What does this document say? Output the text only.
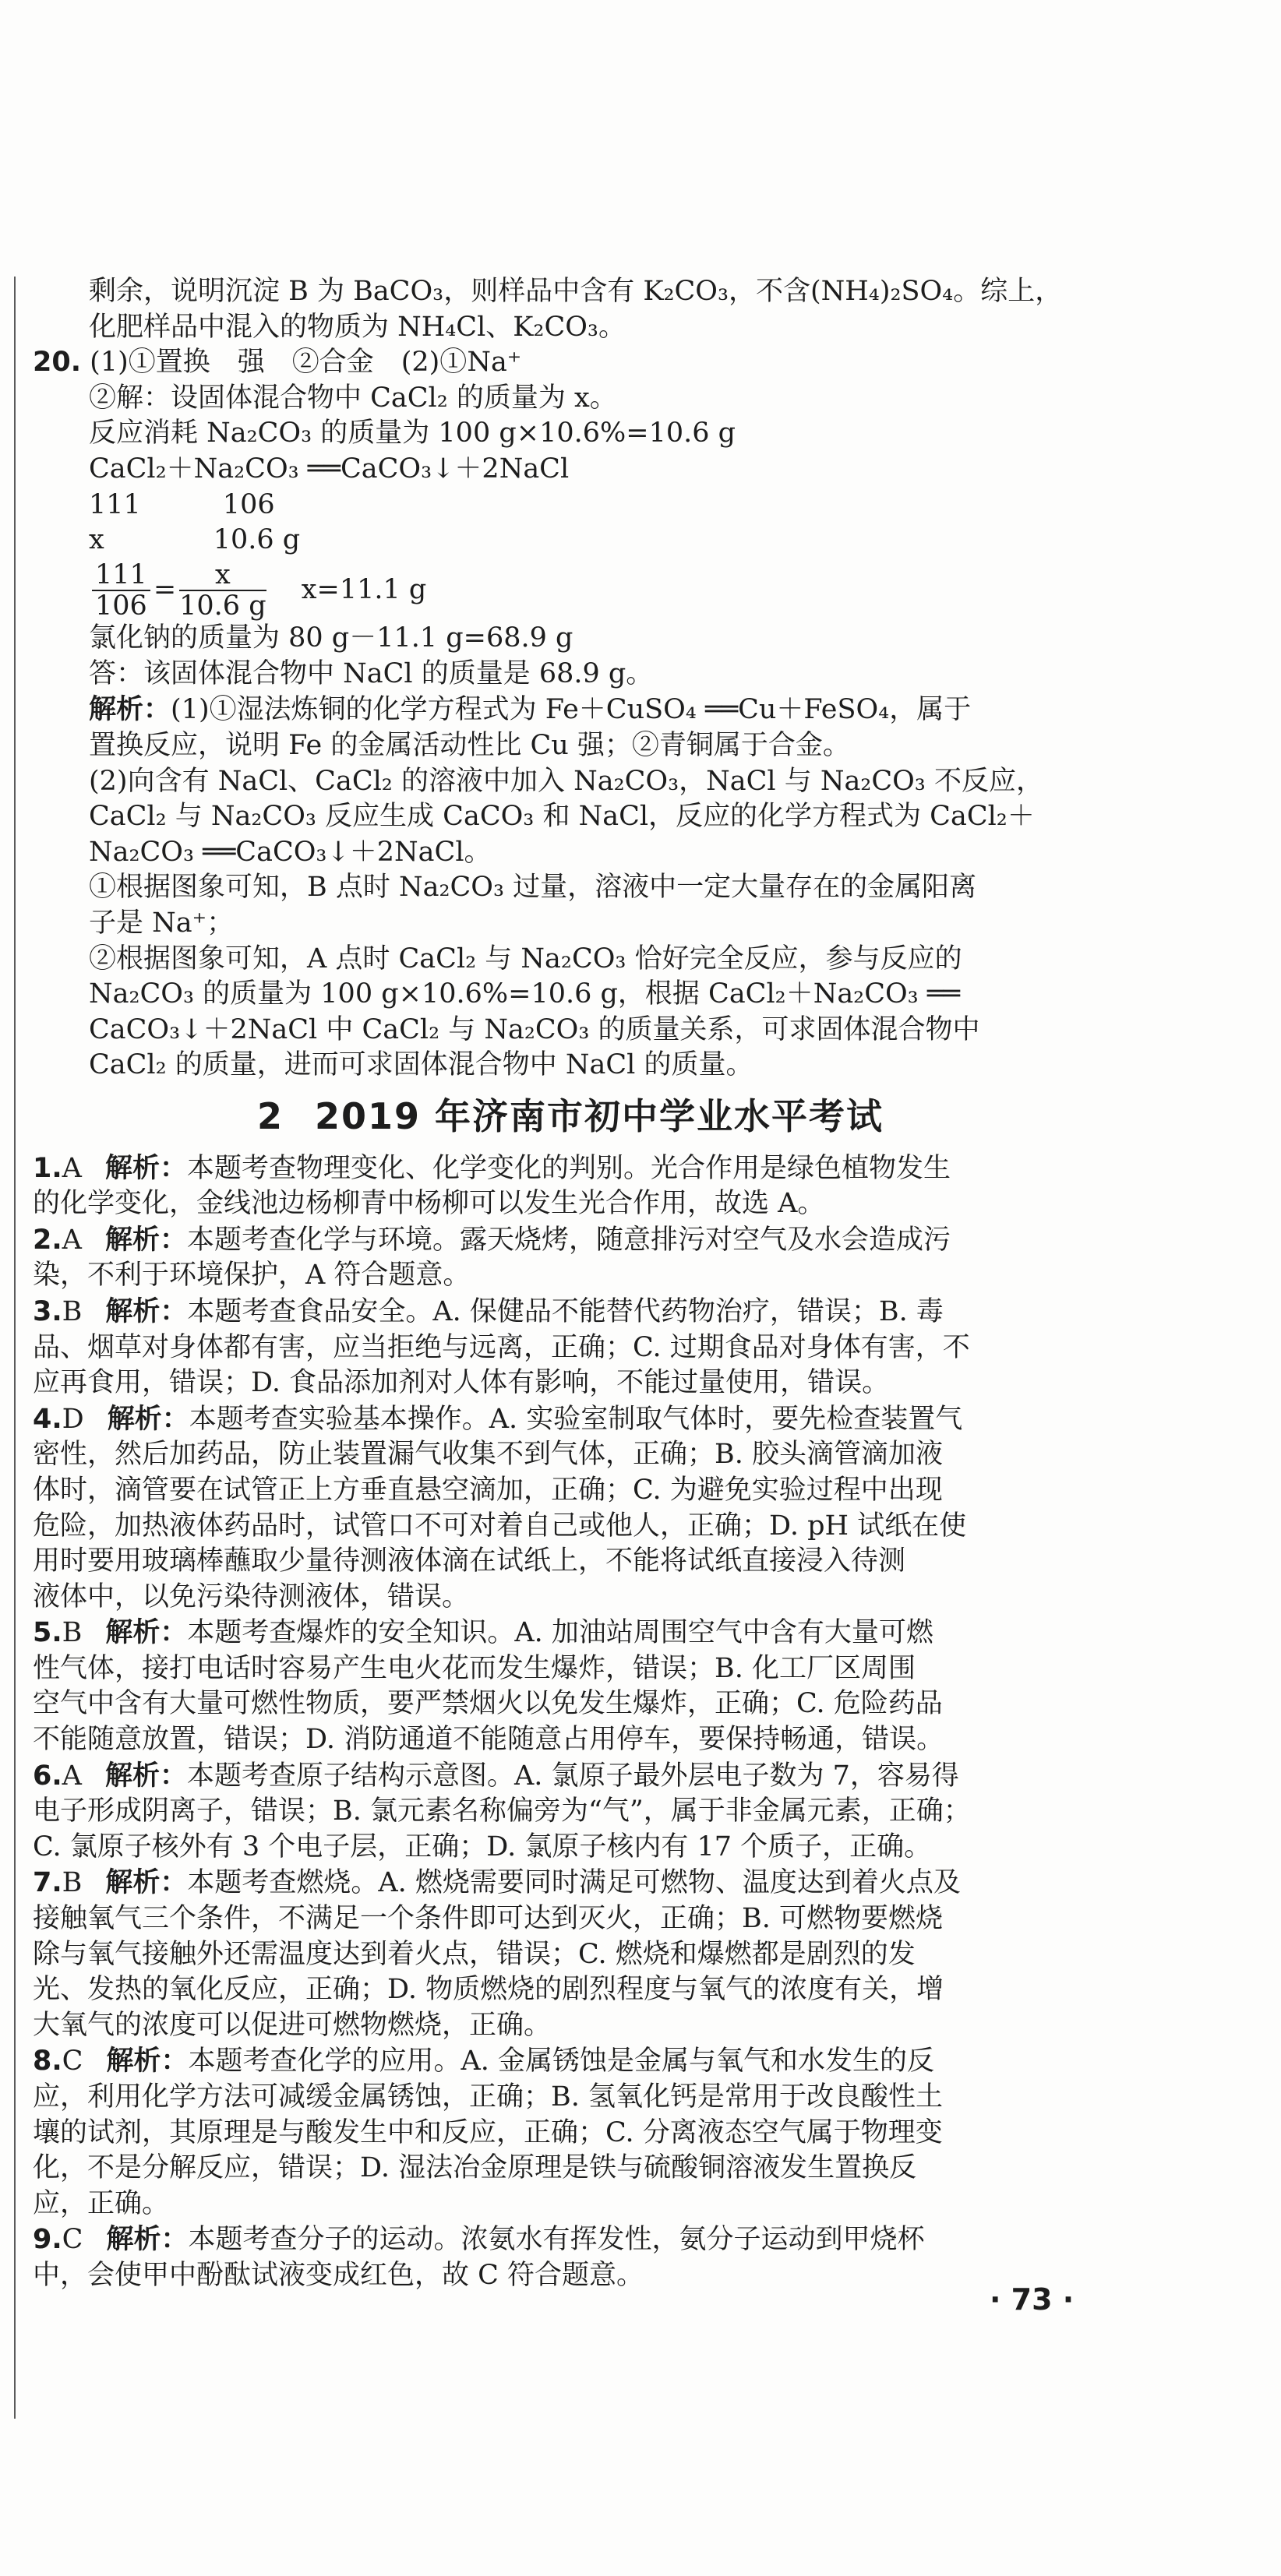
剩余，说明沉淀 B 为 BaCO₃，则样品中含有 K₂CO₃，不含(NH₄)₂SO₄。综上，
化肥样品中混入的物质为 NH₄Cl、K₂CO₃。
20. (1)①置换　强　②合金　(2)①Na⁺
②解：设固体混合物中 CaCl₂ 的质量为 x。
反应消耗 Na₂CO₃ 的质量为 100 g×10.6%=10.6 g
CaCl₂＋Na₂CO₃ ══CaCO₃↓＋2NaCl
111　　　106
x　　　　10.6 g
$\frac{111}{106} = \frac{x}{10.6 g} x=11.1$ g
氯化钠的质量为 80 g－11.1 g=68.9 g
答：该固体混合物中 NaCl 的质量是 68.9 g。
解析：(1)①湿法炼铜的化学方程式为 Fe＋CuSO₄ ══Cu＋FeSO₄，属于
置换反应，说明 Fe 的金属活动性比 Cu 强；②青铜属于合金。
(2)向含有 NaCl、CaCl₂ 的溶液中加入 Na₂CO₃，NaCl 与 Na₂CO₃ 不反应，
CaCl₂ 与 Na₂CO₃ 反应生成 CaCO₃ 和 NaCl，反应的化学方程式为 CaCl₂＋
Na₂CO₃ ══CaCO₃↓＋2NaCl。
①根据图象可知，B 点时 Na₂CO₃ 过量，溶液中一定大量存在的金属阳离
子是 Na⁺；
②根据图象可知，A 点时 CaCl₂ 与 Na₂CO₃ 恰好完全反应，参与反应的
Na₂CO₃ 的质量为 100 g×10.6%=10.6 g，根据 CaCl₂＋Na₂CO₃ ══
CaCO₃↓＋2NaCl 中 CaCl₂ 与 Na₂CO₃ 的质量关系，可求固体混合物中
CaCl₂ 的质量，进而可求固体混合物中 NaCl 的质量。
2 2019 年济南市初中学业水平考试
1.A 解析：本题考查物理变化、化学变化的判别。光合作用是绿色植物发生
的化学变化，金线池边杨柳青中杨柳可以发生光合作用，故选 A。
2.A 解析：本题考查化学与环境。露天烧烤，随意排污对空气及水会造成污
染，不利于环境保护，A 符合题意。
3.B 解析：本题考查食品安全。A. 保健品不能替代药物治疗，错误；B. 毒
品、烟草对身体都有害，应当拒绝与远离，正确；C. 过期食品对身体有害，不
应再食用，错误；D. 食品添加剂对人体有影响，不能过量使用，错误。
4.D 解析：本题考查实验基本操作。A. 实验室制取气体时，要先检查装置气
密性，然后加药品，防止装置漏气收集不到气体，正确；B. 胶头滴管滴加液
体时，滴管要在试管正上方垂直悬空滴加，正确；C. 为避免实验过程中出现
危险，加热液体药品时，试管口不可对着自己或他人，正确；D. pH 试纸在使
用时要用玻璃棒蘸取少量待测液体滴在试纸上，不能将试纸直接浸入待测
液体中，以免污染待测液体，错误。
5.B 解析：本题考查爆炸的安全知识。A. 加油站周围空气中含有大量可燃
性气体，接打电话时容易产生电火花而发生爆炸，错误；B. 化工厂区周围
空气中含有大量可燃性物质，要严禁烟火以免发生爆炸，正确；C. 危险药品
不能随意放置，错误；D. 消防通道不能随意占用停车，要保持畅通，错误。
6.A 解析：本题考查原子结构示意图。A. 氯原子最外层电子数为 7，容易得
电子形成阴离子，错误；B. 氯元素名称偏旁为“气”，属于非金属元素，正确；
C. 氯原子核外有 3 个电子层，正确；D. 氯原子核内有 17 个质子，正确。
7.B 解析：本题考查燃烧。A. 燃烧需要同时满足可燃物、温度达到着火点及
接触氧气三个条件，不满足一个条件即可达到灭火，正确；B. 可燃物要燃烧
除与氧气接触外还需温度达到着火点，错误；C. 燃烧和爆燃都是剧烈的发
光、发热的氧化反应，正确；D. 物质燃烧的剧烈程度与氧气的浓度有关，增
大氧气的浓度可以促进可燃物燃烧，正确。
8.C 解析：本题考查化学的应用。A. 金属锈蚀是金属与氧气和水发生的反
应，利用化学方法可减缓金属锈蚀，正确；B. 氢氧化钙是常用于改良酸性土
壤的试剂，其原理是与酸发生中和反应，正确；C. 分离液态空气属于物理变
化，不是分解反应，错误；D. 湿法冶金原理是铁与硫酸铜溶液发生置换反
应，正确。
9.C 解析：本题考查分子的运动。浓氨水有挥发性，氨分子运动到甲烧杯
中，会使甲中酚酞试液变成红色，故 C 符合题意。
· 73 ·
